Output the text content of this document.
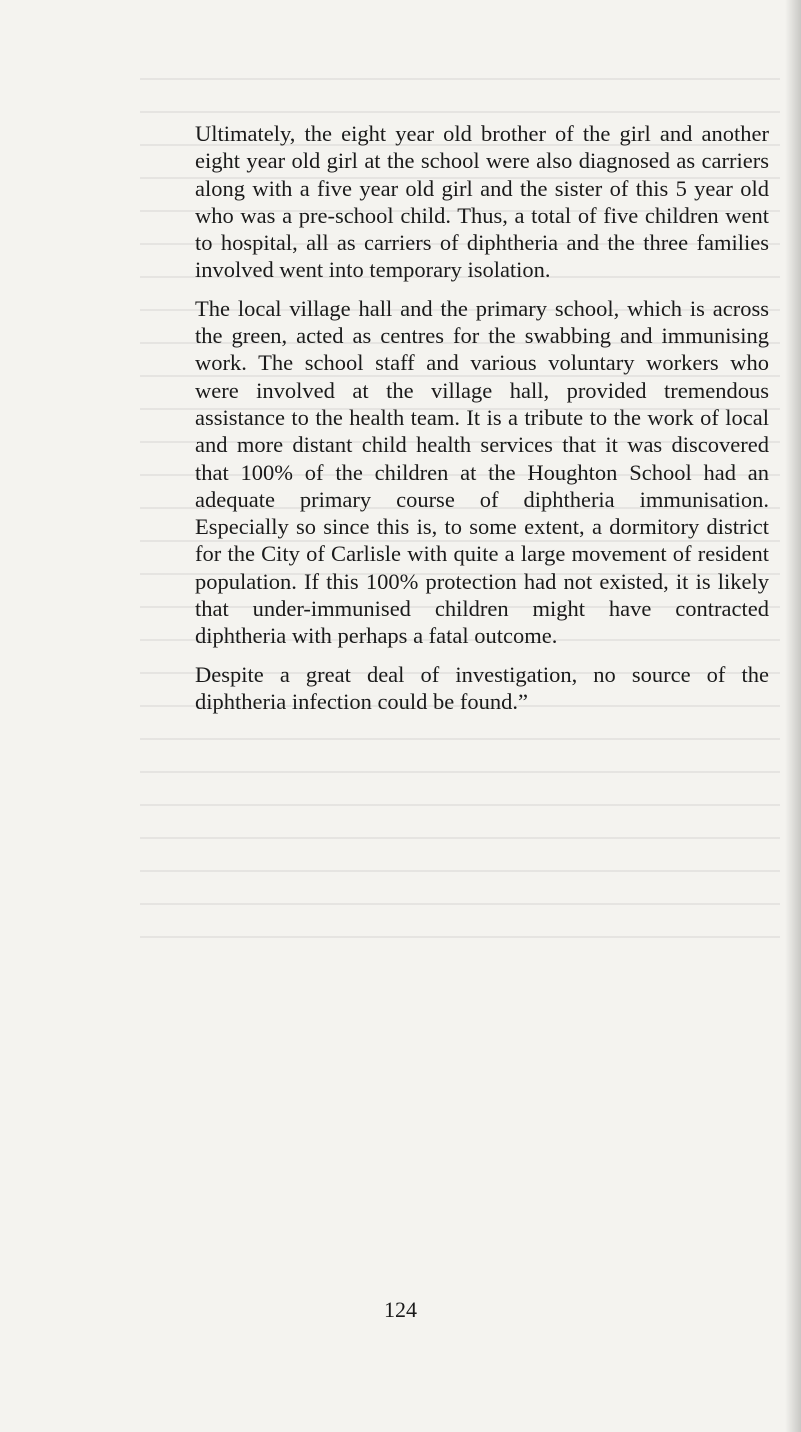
Ultimately, the eight year old brother of the girl and another eight year old girl at the school were also diagnosed as carriers along with a five year old girl and the sister of this 5 year old who was a pre-school child. Thus, a total of five children went to hospital, all as carriers of diphtheria and the three families involved went into temporary isolation.

The local village hall and the primary school, which is across the green, acted as centres for the swabbing and immunising work. The school staff and various voluntary workers who were involved at the village hall, provided tremendous assistance to the health team. It is a tribute to the work of local and more distant child health services that it was discovered that 100% of the children at the Houghton School had an adequate primary course of diphtheria immunisation. Especially so since this is, to some extent, a dormitory district for the City of Carlisle with quite a large movement of resident population. If this 100% protection had not existed, it is likely that under-immunised children might have contracted diphtheria with perhaps a fatal outcome.

Despite a great deal of investigation, no source of the diphtheria infection could be found.”

124
